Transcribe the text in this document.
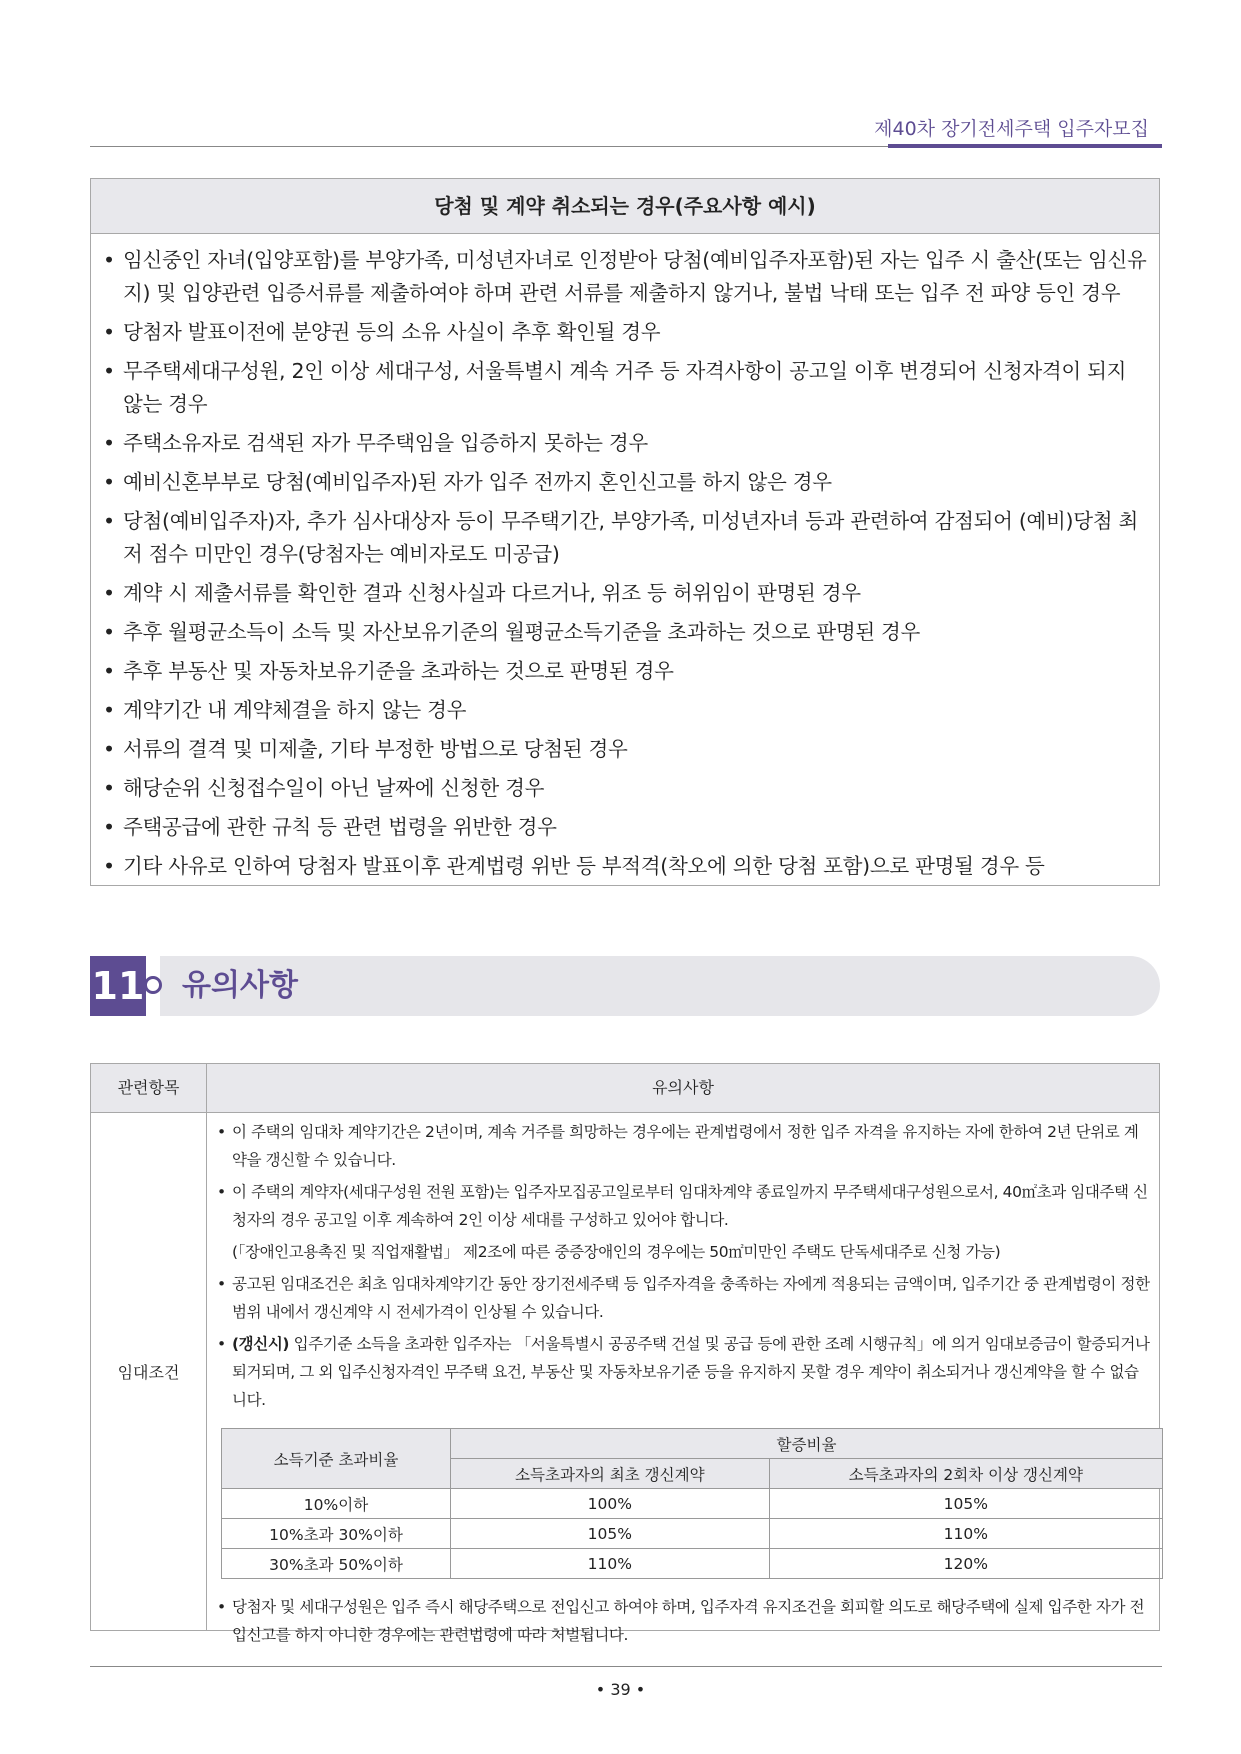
제40차 장기전세주택 입주자모집
당첨 및 계약 취소되는 경우(주요사항 예시)
• 임신중인 자녀(입양포함)를 부양가족, 미성년자녀로 인정받아 당첨(예비입주자포함)된 자는 입주 시 출산(또는 임신유지) 및 입양관련 입증서류를 제출하여야 하며 관련 서류를 제출하지 않거나, 불법 낙태 또는 입주 전 파양 등인 경우
• 당첨자 발표이전에 분양권 등의 소유 사실이 추후 확인될 경우
• 무주택세대구성원, 2인 이상 세대구성, 서울특별시 계속 거주 등 자격사항이 공고일 이후 변경되어 신청자격이 되지 않는 경우
• 주택소유자로 검색된 자가 무주택임을 입증하지 못하는 경우
• 예비신혼부부로 당첨(예비입주자)된 자가 입주 전까지 혼인신고를 하지 않은 경우
• 당첨(예비입주자)자, 추가 심사대상자 등이 무주택기간, 부양가족, 미성년자녀 등과 관련하여 감점되어 (예비)당첨 최저 점수 미만인 경우(당첨자는 예비자로도 미공급)
• 계약 시 제출서류를 확인한 결과 신청사실과 다르거나, 위조 등 허위임이 판명된 경우
• 추후 월평균소득이 소득 및 자산보유기준의 월평균소득기준을 초과하는 것으로 판명된 경우
• 추후 부동산 및 자동차보유기준을 초과하는 것으로 판명된 경우
• 계약기간 내 계약체결을 하지 않는 경우
• 서류의 결격 및 미제출, 기타 부정한 방법으로 당첨된 경우
• 해당순위 신청접수일이 아닌 날짜에 신청한 경우
• 주택공급에 관한 규칙 등 관련 법령을 위반한 경우
• 기타 사유로 인하여 당첨자 발표이후 관계법령 위반 등 부적격(착오에 의한 당첨 포함)으로 판명될 경우 등
11 유의사항
관련항목	유의사항
임대조건
• 이 주택의 임대차 계약기간은 2년이며, 계속 거주를 희망하는 경우에는 관계법령에서 정한 입주 자격을 유지하는 자에 한하여 2년 단위로 계약을 갱신할 수 있습니다.
• 이 주택의 계약자(세대구성원 전원 포함)는 입주자모집공고일로부터 임대차계약 종료일까지 무주택세대구성원으로서, 40㎡초과 임대주택 신청자의 경우 공고일 이후 계속하여 2인 이상 세대를 구성하고 있어야 합니다.
(「장애인고용촉진 및 직업재활법」 제2조에 따른 중증장애인의 경우에는 50㎡미만인 주택도 단독세대주로 신청 가능)
• 공고된 임대조건은 최초 임대차계약기간 동안 장기전세주택 등 입주자격을 충족하는 자에게 적용되는 금액이며, 입주기간 중 관계법령이 정한 범위 내에서 갱신계약 시 전세가격이 인상될 수 있습니다.
• (갱신시) 입주기준 소득을 초과한 입주자는 「서울특별시 공공주택 건설 및 공급 등에 관한 조례 시행규칙」에 의거 임대보증금이 할증되거나 퇴거되며, 그 외 입주신청자격인 무주택 요건, 부동산 및 자동차보유기준 등을 유지하지 못할 경우 계약이 취소되거나 갱신계약을 할 수 없습니다.
소득기준 초과비율	할증비율	
	소득초과자의 최초 갱신계약	소득초과자의 2회차 이상 갱신계약
10%이하	100%	105%
10%초과 30%이하	105%	110%
30%초과 50%이하	110%	120%
• 당첨자 및 세대구성원은 입주 즉시 해당주택으로 전입신고 하여야 하며, 입주자격 유지조건을 회피할 의도로 해당주택에 실제 입주한 자가 전입신고를 하지 아니한 경우에는 관련법령에 따라 처벌됩니다.
• 39 •
